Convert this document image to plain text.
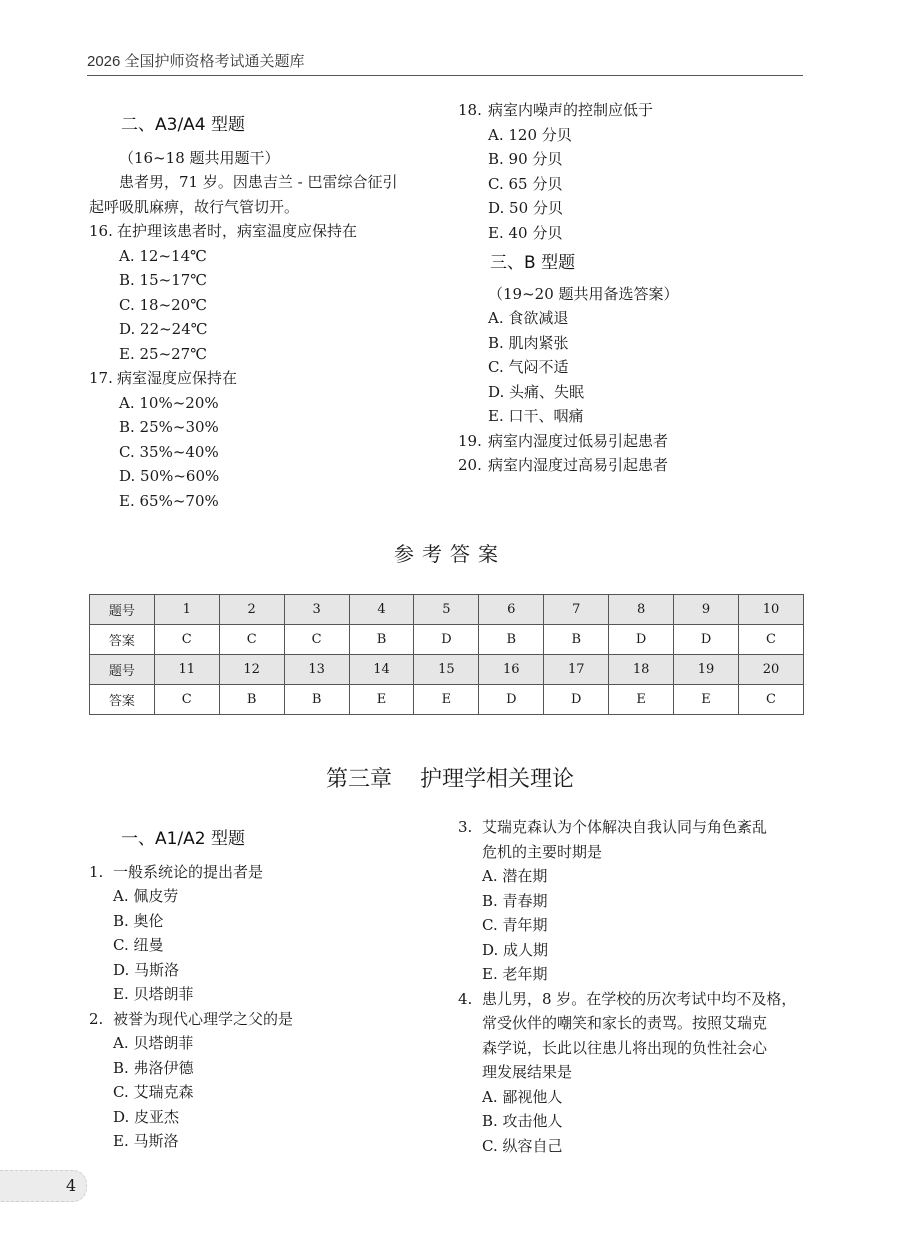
2026 全国护师资格考试通关题库
二、A3/A4 型题
（16~18 题共用题干）
患者男，71 岁。因患吉兰 - 巴雷综合征引
起呼吸肌麻痹，故行气管切开。
16. 在护理该患者时，病室温度应保持在
A. 12~14℃
B. 15~17℃
C. 18~20℃
D. 22~24℃
E. 25~27℃
17. 病室湿度应保持在
A. 10%~20%
B. 25%~30%
C. 35%~40%
D. 50%~60%
E. 65%~70%
18. 病室内噪声的控制应低于
A. 120 分贝
B. 90 分贝
C. 65 分贝
D. 50 分贝
E. 40 分贝
三、B 型题
（19~20 题共用备选答案）
A. 食欲减退
B. 肌肉紧张
C. 气闷不适
D. 头痛、失眠
E. 口干、咽痛
19. 病室内湿度过低易引起患者
20. 病室内湿度过高易引起患者
参考答案
题号	1	2	3	4	5	6	7	8	9	10
答案	C	C	C	B	D	B	B	D	D	C
题号	11	12	13	14	15	16	17	18	19	20
答案	C	B	B	E	E	D	D	E	E	C
第三章    护理学相关理论
一、A1/A2 型题
1. 一般系统论的提出者是
A. 佩皮劳
B. 奥伦
C. 纽曼
D. 马斯洛
E. 贝塔朗菲
2. 被誉为现代心理学之父的是
A. 贝塔朗菲
B. 弗洛伊德
C. 艾瑞克森
D. 皮亚杰
E. 马斯洛
3. 艾瑞克森认为个体解决自我认同与角色紊乱
危机的主要时期是
A. 潜在期
B. 青春期
C. 青年期
D. 成人期
E. 老年期
4. 患儿男，8 岁。在学校的历次考试中均不及格，
常受伙伴的嘲笑和家长的责骂。按照艾瑞克
森学说，长此以往患儿将出现的负性社会心
理发展结果是
A. 鄙视他人
B. 攻击他人
C. 纵容自己
4
